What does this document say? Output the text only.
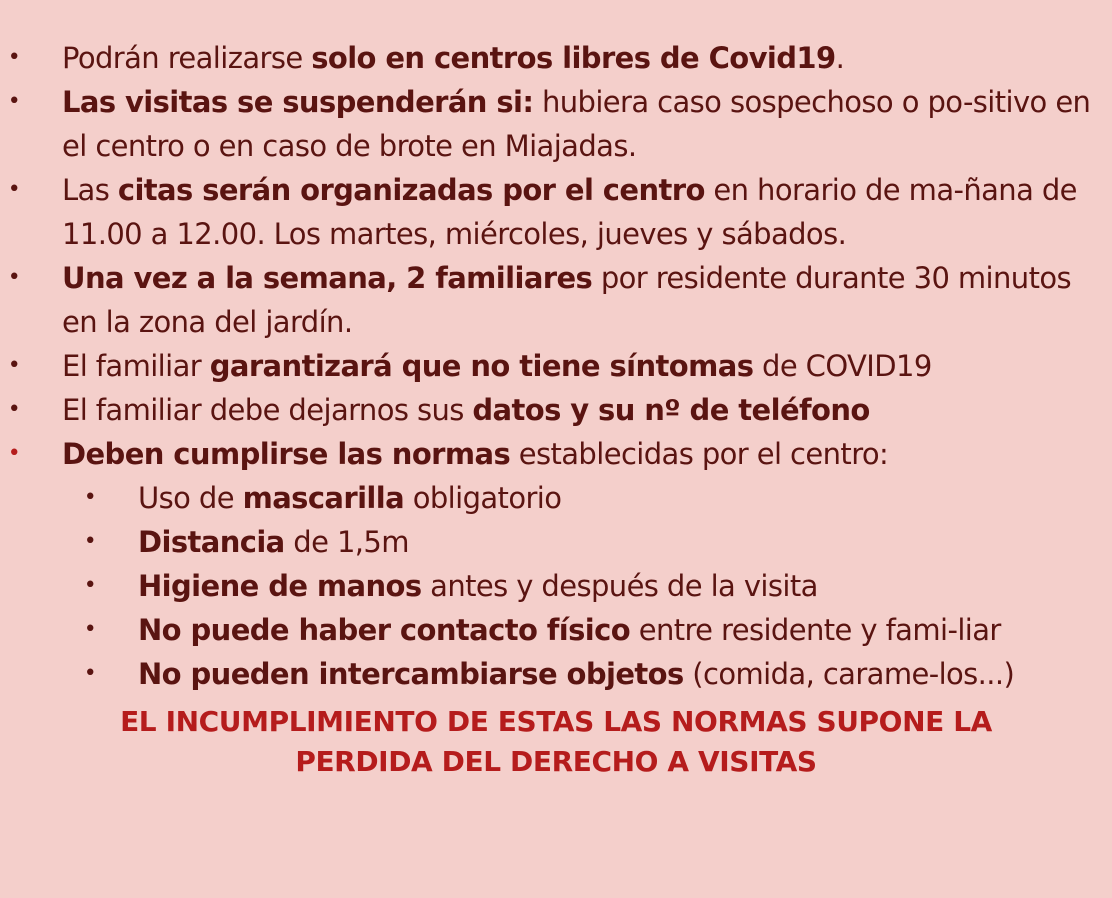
• Podrán realizarse solo en centros libres de Covid19.
• Las visitas se suspenderán si: hubiera caso sospechoso o po-sitivo en el centro o en caso de brote en Miajadas.
• Las citas serán organizadas por el centro en horario de ma-ñana de 11.00 a 12.00. Los martes, miércoles, jueves y sábados.
• Una vez a la semana, 2 familiares por residente durante 30 minutos en la zona del jardín.
• El familiar garantizará que no tiene síntomas de COVID19
• El familiar debe dejarnos sus datos y su nº de teléfono
• Deben cumplirse las normas establecidas por el centro:
• Uso de mascarilla obligatorio
• Distancia de 1,5m
• Higiene de manos antes y después de la visita
• No puede haber contacto físico entre residente y fami-liar
• No pueden intercambiarse objetos (comida, carame-los...)
EL INCUMPLIMIENTO DE ESTAS LAS NORMAS SUPONE LA
PERDIDA DEL DERECHO A VISITAS
